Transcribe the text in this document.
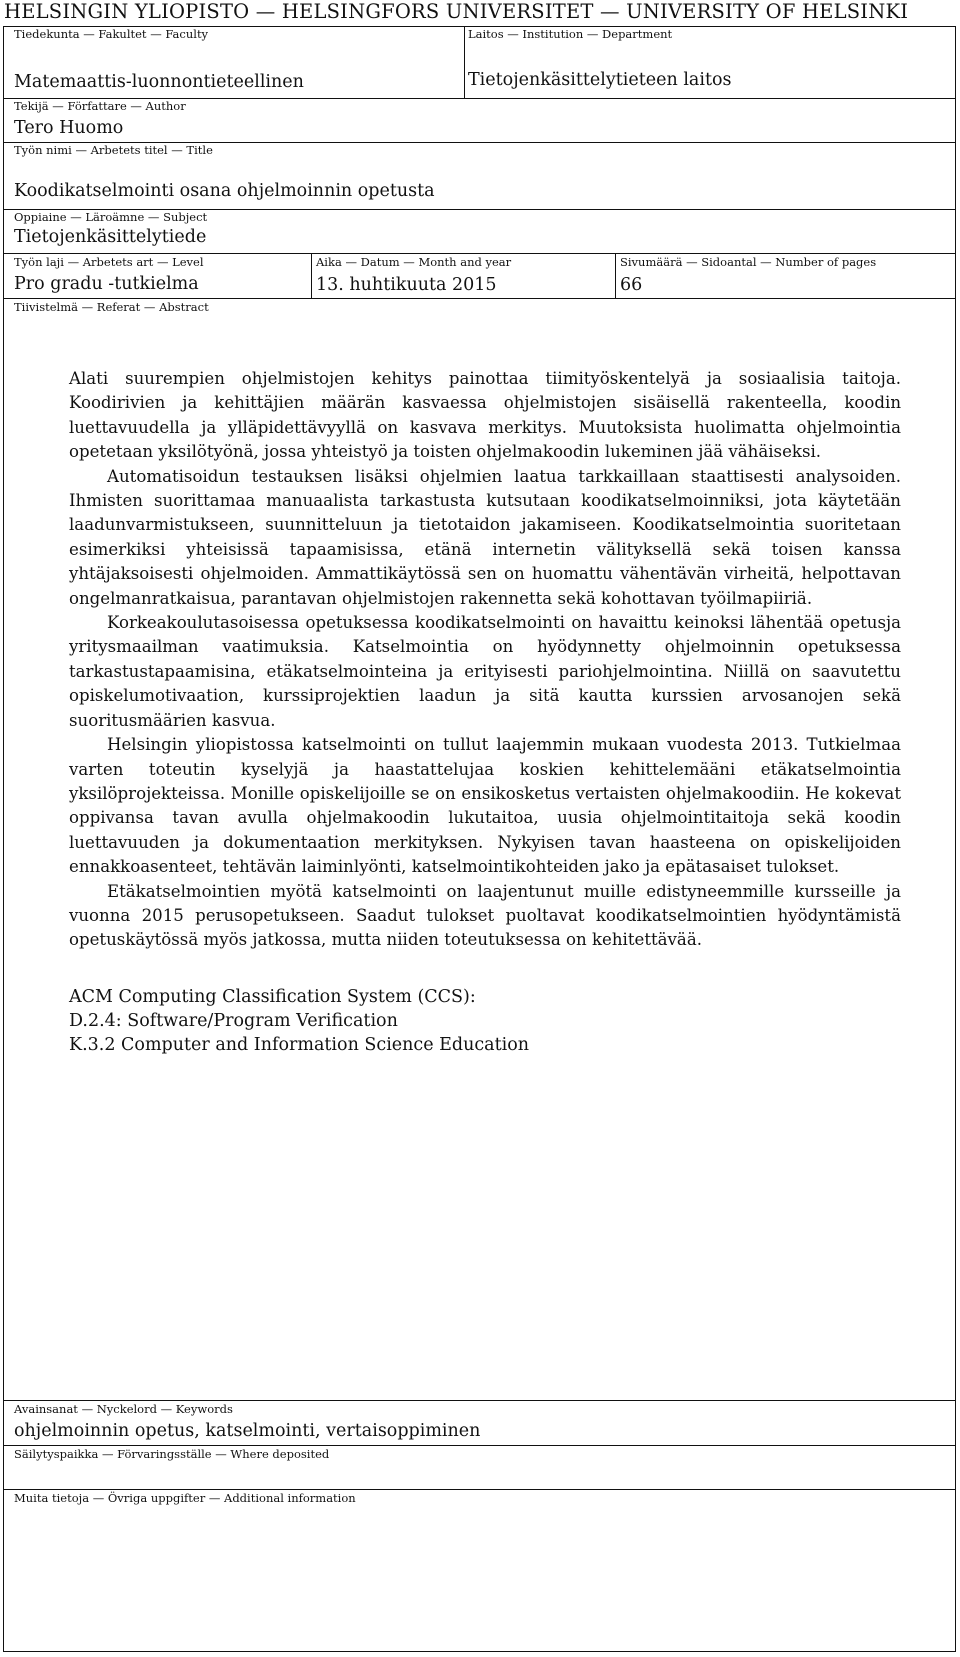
HELSINGIN YLIOPISTO — HELSINGFORS UNIVERSITET — UNIVERSITY OF HELSINKI
Tiedekunta — Fakultet — Faculty
Matemaattis-luonnontieteellinen
Laitos — Institution — Department
Tietojenkäsittelytieteen laitos
Tekijä — Författare — Author
Tero Huomo
Työn nimi — Arbetets titel — Title
Koodikatselmointi osana ohjelmoinnin opetusta
Oppiaine — Läroämne — Subject
Tietojenkäsittelytiede
Työn laji — Arbetets art — Level
Pro gradu -tutkielma
Aika — Datum — Month and year
13. huhtikuuta 2015
Sivumäärä — Sidoantal — Number of pages
66
Tiivistelmä — Referat — Abstract
Avainsanat — Nyckelord — Keywords
ohjelmoinnin opetus, katselmointi, vertaisoppiminen
Säilytyspaikka — Förvaringsställe — Where deposited
Muita tietoja — Övriga uppgifter — Additional information

Alati suurempien ohjelmistojen kehitys painottaa tiimityöskentelyä ja sosiaalisia taitoja. Koodirivien ja kehittäjien määrän kasvaessa ohjelmistojen sisäisellä rakenteella, koodin luettavuudella ja ylläpidettävyyllä on kasvava merkitys. Muutoksista huolimatta ohjelmointia opetetaan yksilötyönä, jossa yhteistyö ja toisten ohjelmakoodin lukeminen jää vähäiseksi.

Automatisoidun testauksen lisäksi ohjelmien laatua tarkkaillaan staattisesti analysoiden. Ihmisten suorittamaa manuaalista tarkastusta kutsutaan koodikatselmoinniksi, jota käytetään laadunvarmistukseen, suunnitteluun ja tietotaidon jakamiseen. Koodikatselmointia suoritetaan esimerkiksi yhteisissä tapaamisissa, etänä internetin välityksellä sekä toisen kanssa yhtäjaksoisesti ohjelmoiden. Ammattikäytössä sen on huomattu vähentävän virheitä, helpottavan ongelmanratkaisua, parantavan ohjelmistojen rakennetta sekä kohottavan työilmapiiriä.

Korkeakoulutasoisessa opetuksessa koodikatselmointi on havaittu keinoksi lähentää opetusja yritysmaailman vaatimuksia. Katselmointia on hyödynnetty ohjelmoinnin opetuksessa tarkastustapaamisina, etäkatselmointeina ja erityisesti pariohjelmointina. Niillä on saavutettu opiskelumotivaation, kurssiprojektien laadun ja sitä kautta kurssien arvosanojen sekä suoritusmäärien kasvua.

Helsingin yliopistossa katselmointi on tullut laajemmin mukaan vuodesta 2013. Tutkielmaa varten toteutin kyselyjä ja haastattelujaa koskien kehittelemääni etäkatselmointia yksilöprojekteissa. Monille opiskelijoille se on ensikosketus vertaisten ohjelmakoodiin. He kokevat oppivansa tavan avulla ohjelmakoodin lukutaitoa, uusia ohjelmointitaitoja sekä koodin luettavuuden ja dokumentaation merkityksen. Nykyisen tavan haasteena on opiskelijoiden ennakkoasenteet, tehtävän laiminlyönti, katselmointikohteiden jako ja epätasaiset tulokset.

Etäkatselmointien myötä katselmointi on laajentunut muille edistyneemmille kursseille ja vuonna 2015 perusopetukseen. Saadut tulokset puoltavat koodikatselmointien hyödyntämistä opetuskäytössä myös jatkossa, mutta niiden toteutuksessa on kehitettävää.

ACM Computing Classification System (CCS):
D.2.4: Software/Program Verification
K.3.2 Computer and Information Science Education
